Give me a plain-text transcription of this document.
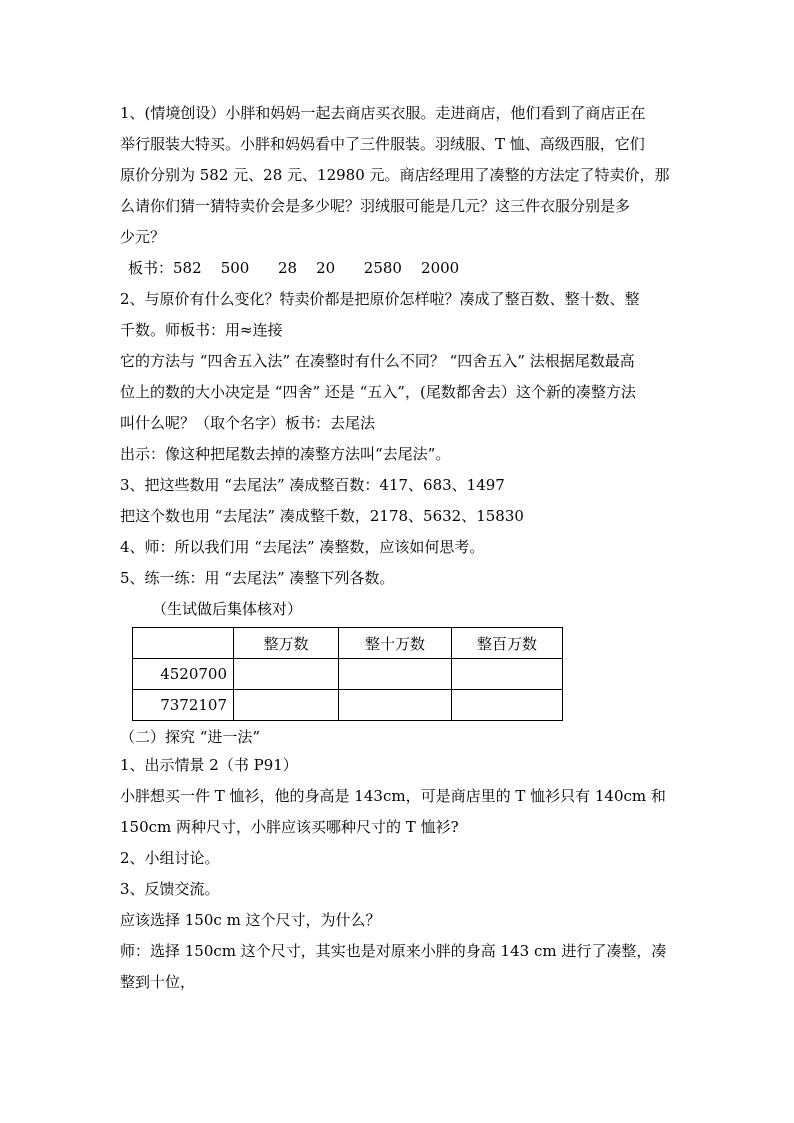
1、(情境创设）小胖和妈妈一起去商店买衣服。走进商店，他们看到了商店正在
举行服装大特买。小胖和妈妈看中了三件服装。羽绒服、T 恤、高级西服，它们
原价分别为 582 元、28 元、12980 元。商店经理用了凑整的方法定了特卖价，那
么请你们猜一猜特卖价会是多少呢？羽绒服可能是几元？这三件衣服分别是多
少元？
板书：582    500      28    20      2580    2000
2、与原价有什么变化？特卖价都是把原价怎样啦？凑成了整百数、整十数、整
千数。师板书：用≈连接
它的方法与 “四舍五入法” 在凑整时有什么不同？ “四舍五入” 法根据尾数最高
位上的数的大小决定是 “四舍” 还是 “五入”，(尾数都舍去）这个新的凑整方法
叫什么呢？（取个名字）板书：去尾法
出示：像这种把尾数去掉的凑整方法叫“去尾法”。
3、把这些数用 “去尾法” 凑成整百数：417、683、1497
把这个数也用 “去尾法” 凑成整千数，2178、5632、15830
4、师：所以我们用 “去尾法” 凑整数，应该如何思考。
5、练一练：用 “去尾法” 凑整下列各数。
（生试做后集体核对）
	整万数	整十万数	整百万数
4520700			
7372107			
（二）探究 “进一法”
1、出示情景 2（书 P91）
小胖想买一件 T 恤衫，他的身高是 143cm，可是商店里的 T 恤衫只有 140cm 和
150cm 两种尺寸，小胖应该买哪种尺寸的 T 恤衫?
2、小组讨论。
3、反馈交流。
应该选择 150c m 这个尺寸，为什么？
师：选择 150cm 这个尺寸，其实也是对原来小胖的身高 143 cm 进行了凑整，凑
整到十位，
